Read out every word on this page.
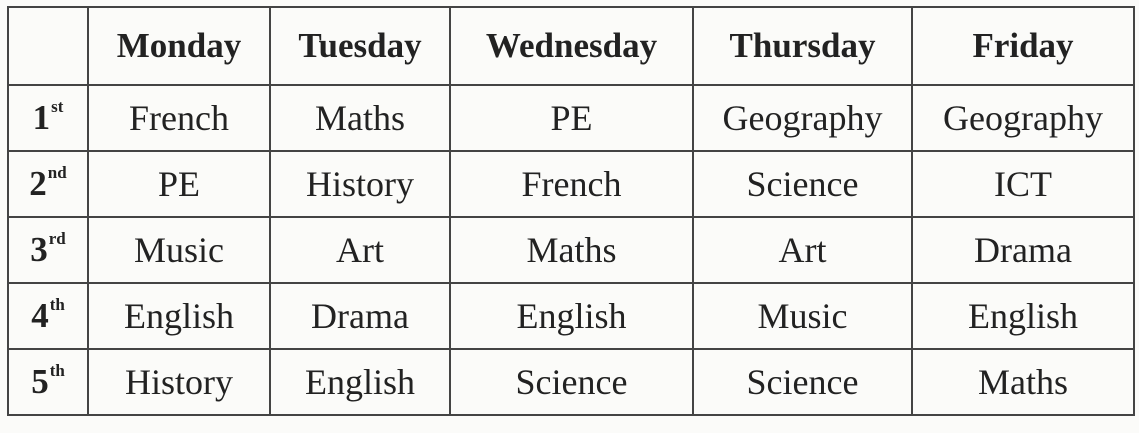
	Monday	Tuesday	Wednesday	Thursday	Friday
1st	French	Maths	PE	Geography	Geography
2nd	PE	History	French	Science	ICT
3rd	Music	Art	Maths	Art	Drama
4th	English	Drama	English	Music	English
5th	History	English	Science	Science	Maths
